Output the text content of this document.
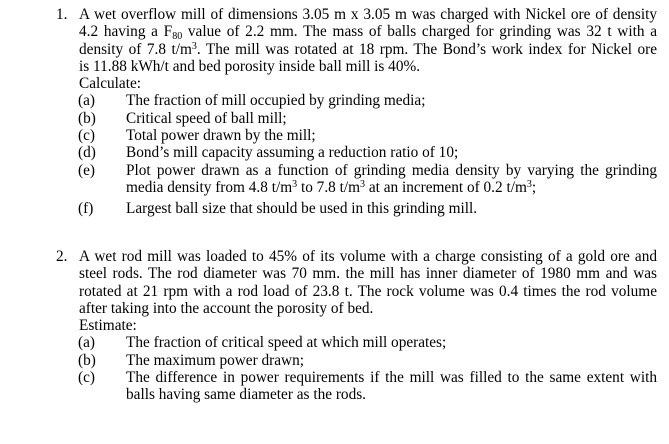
1. A wet overflow mill of dimensions 3.05 m x 3.05 m was charged with Nickel ore of density
4.2 having a $F_{80}$ value of 2.2 mm. The mass of balls charged for grinding was 32 t with a
density of 7.8 $t/m^3$. The mill was rotated at 18 rpm. The Bond’s work index for Nickel ore
is 11.88 kWh/t and bed porosity inside ball mill is 40%.
Calculate:
(a) The fraction of mill occupied by grinding media;
(b) Critical speed of ball mill;
(c) Total power drawn by the mill;
(d) Bond’s mill capacity assuming a reduction ratio of 10;
(e) Plot power drawn as a function of grinding media density by varying the grinding media density from 4.8 $t/m^3$ to 7.8 $t/m^3$ at an increment of 0.2 $t/m^3$;
(f) Largest ball size that should be used in this grinding mill.
2. A wet rod mill was loaded to 45% of its volume with a charge consisting of a gold ore and
steel rods. The rod diameter was 70 mm. the mill has inner diameter of 1980 mm and was
rotated at 21 rpm with a rod load of 23.8 t. The rock volume was 0.4 times the rod volume
after taking into the account the porosity of bed.
Estimate:
(a) The fraction of critical speed at which mill operates;
(b) The maximum power drawn;
(c) The difference in power requirements if the mill was filled to the same extent with balls having same diameter as the rods.
